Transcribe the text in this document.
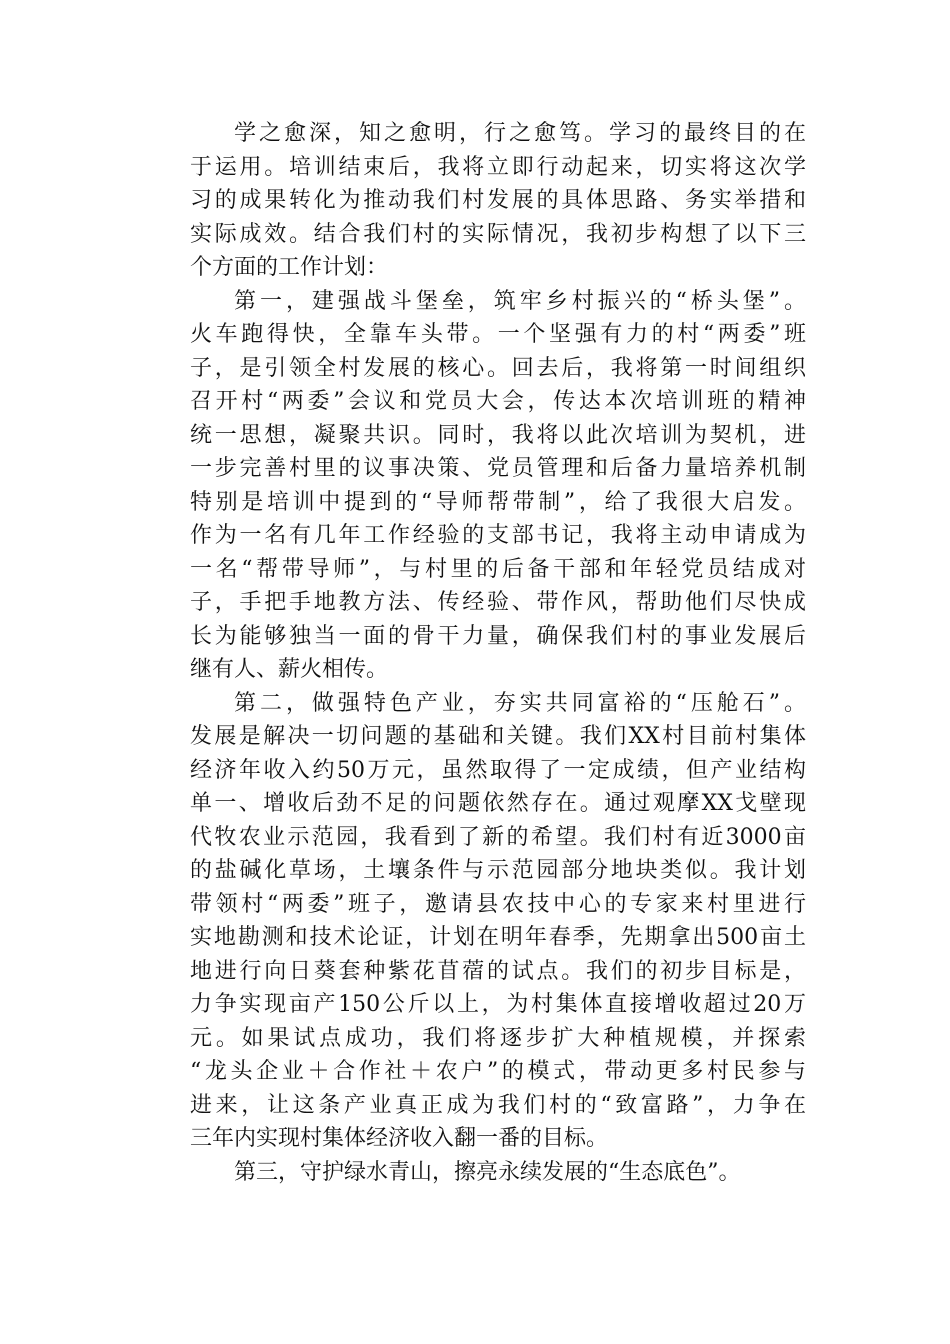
学之愈深，知之愈明，行之愈笃。学习的最终目的在
于运用。培训结束后，我将立即行动起来，切实将这次学
习的成果转化为推动我们村发展的具体思路、务实举措和
实际成效。结合我们村的实际情况，我初步构想了以下三
个方面的工作计划：
第一，建强战斗堡垒，筑牢乡村振兴的“桥头堡”。
火车跑得快，全靠车头带。一个坚强有力的村“两委”班
子，是引领全村发展的核心。回去后，我将第一时间组织
召开村“两委”会议和党员大会，传达本次培训班的精神
统一思想，凝聚共识。同时，我将以此次培训为契机，进
一步完善村里的议事决策、党员管理和后备力量培养机制
特别是培训中提到的“导师帮带制”，给了我很大启发。
作为一名有几年工作经验的支部书记，我将主动申请成为
一名“帮带导师”，与村里的后备干部和年轻党员结成对
子，手把手地教方法、传经验、带作风，帮助他们尽快成
长为能够独当一面的骨干力量，确保我们村的事业发展后
继有人、薪火相传。
第二，做强特色产业，夯实共同富裕的“压舱石”。
发展是解决一切问题的基础和关键。我们XX村目前村集体
经济年收入约50万元，虽然取得了一定成绩，但产业结构
单一、增收后劲不足的问题依然存在。通过观摩XX戈壁现
代牧农业示范园，我看到了新的希望。我们村有近3000亩
的盐碱化草场，土壤条件与示范园部分地块类似。我计划
带领村“两委”班子，邀请县农技中心的专家来村里进行
实地勘测和技术论证，计划在明年春季，先期拿出500亩土
地进行向日葵套种紫花苜蓿的试点。我们的初步目标是，
力争实现亩产150公斤以上，为村集体直接增收超过20万
元。如果试点成功，我们将逐步扩大种植规模，并探索
“龙头企业＋合作社＋农户”的模式，带动更多村民参与
进来，让这条产业真正成为我们村的“致富路”，力争在
三年内实现村集体经济收入翻一番的目标。
第三，守护绿水青山，擦亮永续发展的“生态底色”。
